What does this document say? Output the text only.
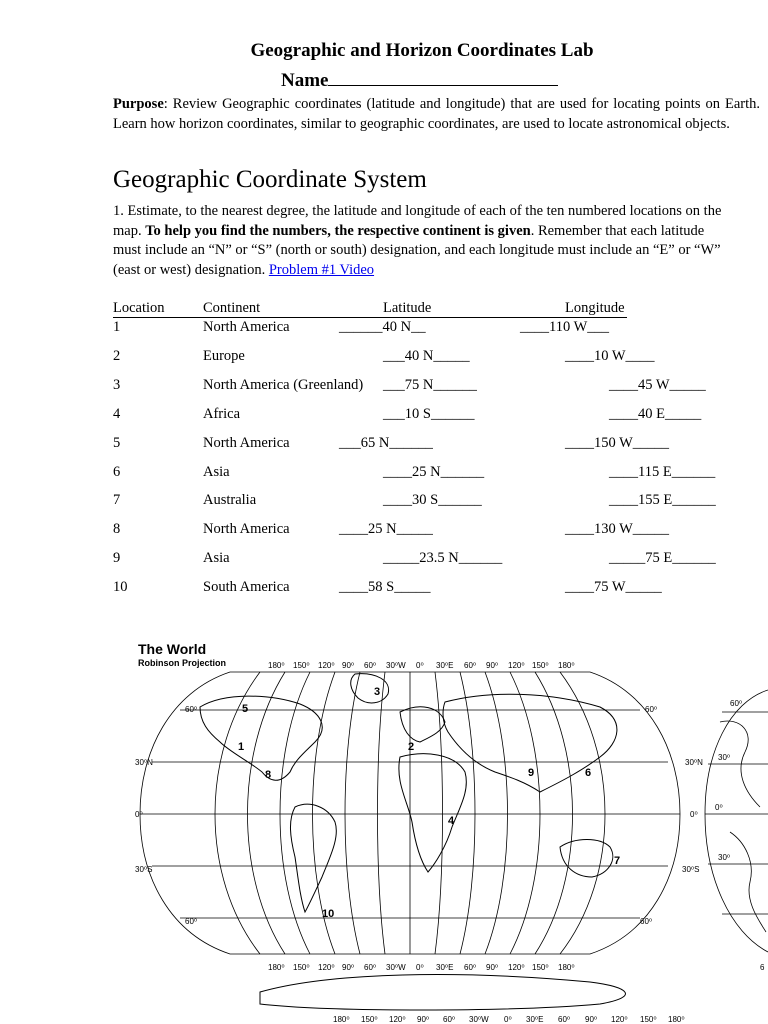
Geographic and Horizon Coordinates Lab
Name
Purpose: Review Geographic coordinates (latitude and longitude) that are used for locating points on Earth. Learn how horizon coordinates, similar to geographic coordinates, are used to locate astronomical objects.
Geographic Coordinate System
1. Estimate, to the nearest degree, the latitude and longitude of each of the ten numbered locations on the map. To help you find the numbers, the respective continent is given. Remember that each latitude must include an “N” or “S” (north or south) designation, and each longitude must include an “E” or “W” (east or west) designation. Problem #1 Video
Location	Continent	Latitude	Longitude
1	North America	______40 N__	____110 W___
2	Europe	___40 N_____	____10 W____
3	North America (Greenland) ___75 N______	____45 W_____
4	Africa	___10 S______	____40 E_____
5	North America	___65 N______	____150 W_____
6	Asia	____25 N______	____115 E______
7	Australia	____30 S______	____155 E______
8	North America	____25 N_____	____130 W_____
9	Asia	_____23.5 N______	_____75 E______
10	South America	____58 S_____	____75 W_____
The World
Robinson Projection	180⁰ 150⁰ 120⁰ 90⁰ 60⁰ 30⁰W 0⁰ 30⁰E 60⁰ 90⁰ 120⁰ 150⁰ 180⁰
180⁰ 150⁰ 120⁰ 90⁰ 60⁰ 30⁰W 0⁰ 30⁰E 60⁰ 90⁰ 120⁰ 150⁰ 180⁰
180⁰ 150⁰ 120⁰ 90⁰ 60⁰ 30⁰W 0⁰ 30⁰E 60⁰ 90⁰ 120⁰ 150⁰ 180⁰
60⁰
30⁰N
0⁰
30⁰S
60⁰
60⁰
30⁰N
0⁰
30⁰S
60⁰
60⁰
30⁰
0⁰
30⁰
6
1	2
3
4
5
6
7
8	9
10
